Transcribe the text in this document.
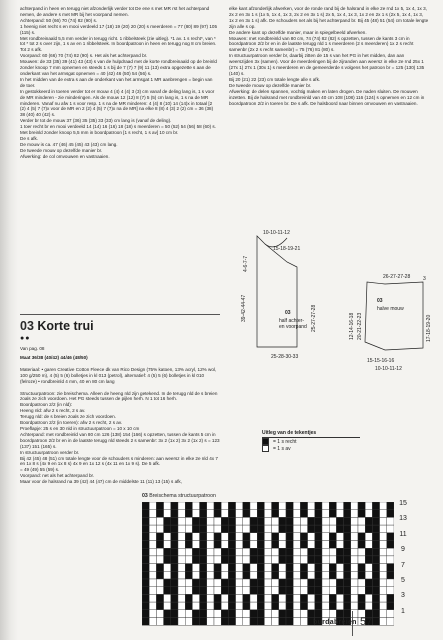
achterpand in heen en terugg niet afzonderlijk verder tot De ene s met MR rst het achterpand nemen, de andere s met MR bij het voorpand nemen.

Achterpand: 50 (66) 70 (74) 82 (90) s.

1 heenig niet recht s en mooi verdeeld 17 (18) 19 (20) 20 (20) s meerderen = 77 (80) 89 (97) 105 (115) s.

Met rondbreinaald 5,5 mm verder in terugg richt. 1 ribbelsteek (zie uitleg). *1 av. 1 s recht*, van * tot * tot 2 s over zijn, 1 s av en 1 ribbelsteek. In boordpatroon in heen en terugg nog 8 cm breien. Tot 2 s afk.

Voorpand: 60 (66) 70 (74) 82 (90) s. Het als het achterpand br.

Mouwen: de 33 (35) 39 (41) 43 (43) s van de hulpdraad met de korte rondbreinaald op de breinld zonder knoop 7 mm opnemen en steeds 1 s bij de 7 (7) 7 (9) 11 (13) extra opgezette s aan de onderkant van het armsgat opnemen = 40 (42) 46 (50) 54 (56) s.

In het midden van de extra s aan de onderkant van het armsgat 1 MR aanbrengen = begin van de toer.

In gestokkeerd in toeren verder tot er mouw 4 (4) 4 (4) 3 (3) cm vanaf de deling lang is, 1 s voor de MR minderen - zie minderingen. Als de mouw 12 (12) 8 (7) 5 (5) cm lang is, 1 s na de MR minderen. Vanaf nu afw 1 s voor resp. 1 s na de MR minderen: 4 (4) 8 (10) 14 (14)x in totaal [2 (2) 4 (5) 7 (7)x voor de MR en 2 (2) 4 (5) 7 (7)x na de MR] na elke 8 (8) 4 (3) 2 (2) cm = 36 (38) 38 (40) 40 (42) s.

Verder br tot de mouw 37 (36) 35 (35) 33 (33) cm lang is (vanaf de deling).

1 toer recht br en mooi verdeeld 14 (14) 16 (16) 18 (18) s meerderen = 50 (52) 54 (56) 58 (60) s.

Met breinld zonder knoop 5,5 mm in boordpatroon [1 s recht, 1 s av] 10 cm br.

De s afk.

De mouw is ca. 47 (46) 45 (45) 43 (43) cm lang.

De tweede mouw op dezelfde manier br.

Afwerking: de col omvouwen en vastnaaien.

elke kant afzonderlijk afwerken, voor de ronde rand bij de halsrand in elke 2e rnd 1x 5, 1x 4, 1x 3, 2x 2 en 3x 1 s (1x 5, 1x 4, 1x 3, 2x 2 en 3x 1 s) 2x 5, 1x 4, 1x 3, 1x 2 en 2x 1 s (2x 5, 1x 4, 1x 3, 1x 2 en 3x 1 s) afk. De schouders net als bij het achterpand br. Bij 45 (48) 51 (54) cm totale lengte zijn alle s op.

De andere kant op dezelfde manier, maar in spiegelbeeld afwerken.

Mouwen: met rondbreinld van 80 cm, 74 (74) 82 (82) s opzetten, tussen de kants 3 cm in boordpatroon 2/2 br en in de laatste terugg nld 1 s meerderen (2 s meerderen) 1x 2 s recht samenbr (2x 2 s recht samenbr) = 75 (76) 81 (80) s.

In structuurpatroon verder br, daarbij zitten de 15 s van het PG in het midden, dan aan weerszijden 3x (samen). Voor de meerderingen bij de zijranden aan weersz in elke 2e rnd 25x 1 (27x 1) 27x 1 (30x 1) s meerderen en de gemeerderde s volgens het patroon br = 125 (130) 135 (140) s.

Bij 20 (21) 22 (23) cm totale lengte alle s afk.

De tweede mouw op dezelfde manier br.

Afwerking: de delen spannen, vochtig maken en laten drogen. De naden sluiten. De mouwen inzetten. Bij de halsrand met rondbreinld van 40 cm 108 (108) 116 (124) s opnemen en 12 cm in boordpatroon 2/2 in toeren br. De s afk. De halsboord naar binnen omvouwen en vastnaaien.

03 Korte trui
●●

Van pag. 08

Maat 36/38 (40/42) 44/46 (48/50)

Materiaal: • garen Creative Cotton Fleece dk van Rico Design (75% katoen, 13% acryl, 12% wol, 100 g/250 m), 4 (5) 5 (6) bolletjes in kl 013 (petrol), alternatief: 4 (5) 5 (6) bolletjes in kl 010 (felroze) • rondbreinld 4 mm, 40 en 80 cm lang

Structuurpatroon: zie breischema. Alleen de heeng nld zijn getekend. In de terugg nld de s breien zoals ze zich voordoen. Het PG steeds tussen de pijlen herh. N 1 tot 16 herh.

Boordpatroon 2/2 (in nld):

Heeng nld: afw 2 s recht, 2 s av.

Terugg nld: de s breien zoals ze zich voordoen.

Boordpatroon 2/2 (in toeren): afw 2 s recht, 2 s av.

Proeflapje: 25 s en 30 nld in structuurpatroon = 10 x 10 cm

Achterpand: met rondbreinld van 80 cm 126 (138) 154 (166) s opzetten, tussen de kants 5 cm in boordpatroon 2/2 br en in de laatste terugg nld steeds 2 s samenbr: 3x 2 (1x 2) 3x 2 (1x 2) s = 123 (137) 151 (165) s.

In structuurpatroon verder br.

Bij 42 (45) 48 (51) cm totale lengte voor de schouders s minderen: aan weersz in elke 2e nld 4x 7 en 1x 8 s (4x 9 en 1x 8 s) 4x 9 en 1x 12 s (4x 11 en 1x 9 s). De 5 afk.

= 49 (49) 55 (59) s.

Voorpand: net als het achterpand br.

Maar voor de halsrand na 39 (42) 44 (47) cm de middelste 11 (11) 13 (15) s afk,

10-10-11-12
15-18-19-21
39-42-44-47
4-6-7-7
25-27-27-28
03
half achter-
en voorpand
25-28-30-33
26-27-27-28
03
halve mouw
12-14-16-18 20-21-22-23	17-18-19-20
15-15-16-16
10-10-11-12
3
Uitleg van de tekentjes
= 1 s recht
= 1 s av
03 Breischema structuurpatroon
15
13
11
9
7
5
3
1
burdabreien 57
